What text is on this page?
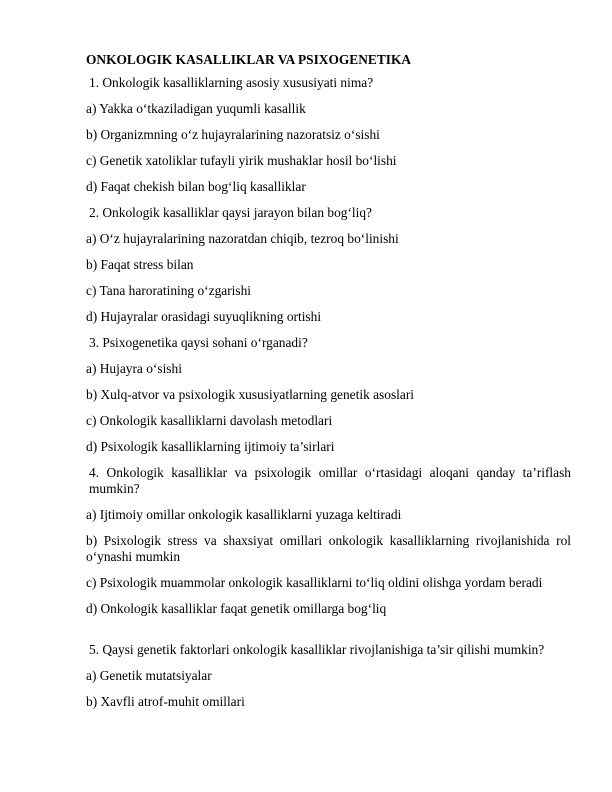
ONKOLOGIK KASALLIKLAR VA PSIXOGENETIKA
1. Onkologik kasalliklarning asosiy xususiyati nima?
a) Yakka o‘tkaziladigan yuqumli kasallik
b) Organizmning o‘z hujayralarining nazoratsiz o‘sishi
c) Genetik xatoliklar tufayli yirik mushaklar hosil bo‘lishi
d) Faqat chekish bilan bog‘liq kasalliklar
2. Onkologik kasalliklar qaysi jarayon bilan bog‘liq?
a) O‘z hujayralarining nazoratdan chiqib, tezroq bo‘linishi
b) Faqat stress bilan
c) Tana haroratining o‘zgarishi
d) Hujayralar orasidagi suyuqlikning ortishi
3. Psixogenetika qaysi sohani o‘rganadi?
a) Hujayra o‘sishi
b) Xulq-atvor va psixologik xususiyatlarning genetik asoslari
c) Onkologik kasalliklarni davolash metodlari
d) Psixologik kasalliklarning ijtimoiy ta’sirlari
4. Onkologik kasalliklar va psixologik omillar o‘rtasidagi aloqani qanday ta’riflash mumkin?
a) Ijtimoiy omillar onkologik kasalliklarni yuzaga keltiradi
b) Psixologik stress va shaxsiyat omillari onkologik kasalliklarning rivojlanishida rol o‘ynashi mumkin
c) Psixologik muammolar onkologik kasalliklarni to‘liq oldini olishga yordam beradi
d) Onkologik kasalliklar faqat genetik omillarga bog‘liq
5. Qaysi genetik faktorlari onkologik kasalliklar rivojlanishiga ta’sir qilishi mumkin?
a) Genetik mutatsiyalar
b) Xavfli atrof-muhit omillari
